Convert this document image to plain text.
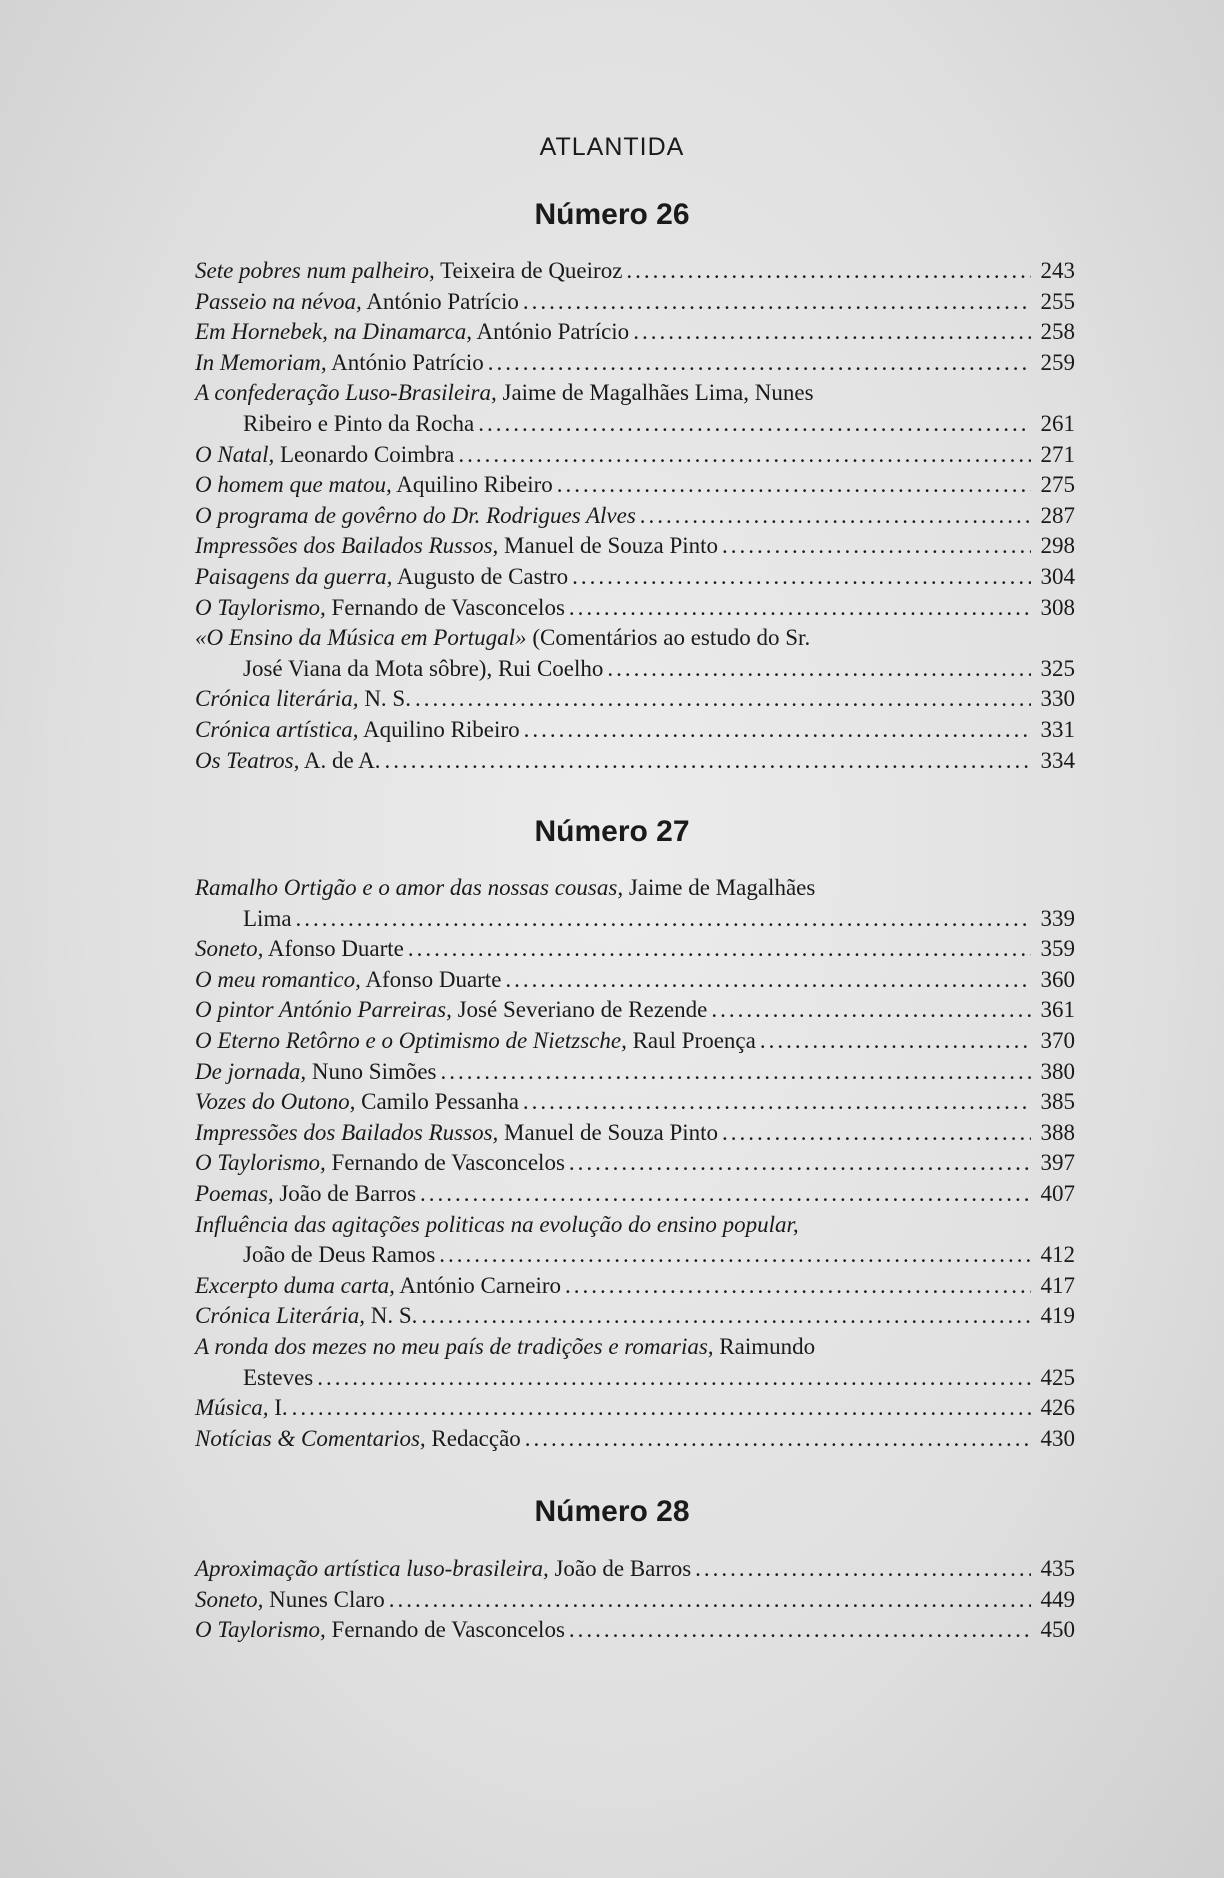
ATLANTIDA
Número 26
Sete pobres num palheiro, Teixeira de Queiroz .....	243
Passeio na névoa, António Patrício .....	255
Em Hornebek, na Dinamarca, António Patrício .....	258
In Memoriam, António Patrício .....	259
A confederação Luso-Brasileira, Jaime de Magalhães Lima, Nunes
Ribeiro e Pinto da Rocha .....	261
O Natal, Leonardo Coimbra .....	271
O homem que matou, Aquilino Ribeiro .....	275
O programa de govêrno do Dr. Rodrigues Alves .....	287
Impressões dos Bailados Russos, Manuel de Souza Pinto .....	298
Paisagens da guerra, Augusto de Castro .....	304
O Taylorismo, Fernando de Vasconcelos .....	308
«O Ensino da Música em Portugal» (Comentários ao estudo do Sr.
José Viana da Mota sôbre), Rui Coelho .....	325
Crónica literária, N. S. .....	330
Crónica artística, Aquilino Ribeiro .....	331
Os Teatros, A. de A. .....	334
Número 27
Ramalho Ortigão e o amor das nossas cousas, Jaime de Magalhães
Lima .....	339
Soneto, Afonso Duarte .....	359
O meu romantico, Afonso Duarte .....	360
O pintor António Parreiras, José Severiano de Rezende .....	361
O Eterno Retôrno e o Optimismo de Nietzsche, Raul Proença .....	370
De jornada, Nuno Simões .....	380
Vozes do Outono, Camilo Pessanha .....	385
Impressões dos Bailados Russos, Manuel de Souza Pinto .....	388
O Taylorismo, Fernando de Vasconcelos .....	397
Poemas, João de Barros .....	407
Influência das agitações politicas na evolução do ensino popular,
João de Deus Ramos .....	412
Excerpto duma carta, António Carneiro .....	417
Crónica Literária, N. S. .....	419
A ronda dos mezes no meu país de tradições e romarias, Raimundo
Esteves .....	425
Música, I. .....	426
Notícias & Comentarios, Redacção .....	430
Número 28
Aproximação artística luso-brasileira, João de Barros .....	435
Soneto, Nunes Claro .....	449
O Taylorismo, Fernando de Vasconcelos .....	450
